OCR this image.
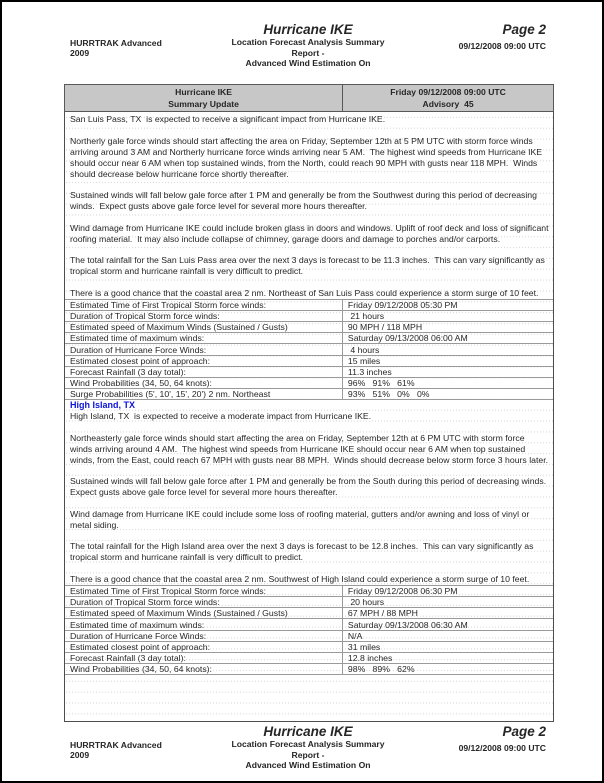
HURRTRAK Advanced
2009
Hurricane IKE
Location Forecast Analysis Summary Report -
Advanced Wind Estimation On
Page 2
09/12/2008 09:00 UTC
Hurricane IKE
Summary Update
Friday 09/12/2008 09:00 UTC
Advisory  45

San Luis Pass, TX  is expected to receive a significant impact from Hurricane IKE.

Northerly gale force winds should start affecting the area on Friday, September 12th at 5 PM UTC with storm force winds arriving around 3 AM and Northerly hurricane force winds arriving near 5 AM.  The highest wind speeds from Hurricane IKE should occur near 6 AM when top sustained winds, from the North, could reach 90 MPH with gusts near 118 MPH.  Winds should decrease below hurricane force shortly thereafter.

Sustained winds will fall below gale force after 1 PM and generally be from the Southwest during this period of decreasing winds.  Expect gusts above gale force level for several more hours thereafter.

Wind damage from Hurricane IKE could include broken glass in doors and windows. Uplift of roof deck and loss of significant roofing material.  It may also include collapse of chimney, garage doors and damage to porches and/or carports.

The total rainfall for the San Luis Pass area over the next 3 days is forecast to be 11.3 inches.  This can vary significantly as tropical storm and hurricane rainfall is very difficult to predict.

There is a good chance that the coastal area 2 nm. Northeast of San Luis Pass could experience a storm surge of 10 feet.

Estimated Time of First Tropical Storm force winds:	Friday 09/12/2008 05:30 PM
Duration of Tropical Storm force winds:	21 hours
Estimated speed of Maximum Winds (Sustained / Gusts)	90 MPH / 118 MPH
Estimated time of maximum winds:	Saturday 09/13/2008 06:00 AM
Duration of Hurricane Force Winds:	4 hours
Estimated closest point of approach:	15 miles
Forecast Rainfall (3 day total):	11.3 inches
Wind Probabilities (34, 50, 64 knots):	96%   91%   61%
Surge Probabilities (5', 10', 15', 20') 2 nm. Northeast	93%   51%   0%   0%
High Island, TX

High Island, TX  is expected to receive a moderate impact from Hurricane IKE.

Northeasterly gale force winds should start affecting the area on Friday, September 12th at 6 PM UTC with storm force winds arriving around 4 AM.  The highest wind speeds from Hurricane IKE should occur near 6 AM when top sustained winds, from the East, could reach 67 MPH with gusts near 88 MPH.  Winds should decrease below storm force 3 hours later.

Sustained winds will fall below gale force after 1 PM and generally be from the South during this period of decreasing winds.  Expect gusts above gale force level for several more hours thereafter.

Wind damage from Hurricane IKE could include some loss of roofing material, gutters and/or awning and loss of vinyl or metal siding.

The total rainfall for the High Island area over the next 3 days is forecast to be 12.8 inches.  This can vary significantly as tropical storm and hurricane rainfall is very difficult to predict.

There is a good chance that the coastal area 2 nm. Southwest of High Island could experience a storm surge of 10 feet.

Estimated Time of First Tropical Storm force winds:	Friday 09/12/2008 06:30 PM
Duration of Tropical Storm force winds:	20 hours
Estimated speed of Maximum Winds (Sustained / Gusts)	67 MPH / 88 MPH
Estimated time of maximum winds:	Saturday 09/13/2008 06:30 AM
Duration of Hurricane Force Winds:	N/A
Estimated closest point of approach:	31 miles
Forecast Rainfall (3 day total):	12.8 inches
Wind Probabilities (34, 50, 64 knots):	98%   89%   62%
HURRTRAK Advanced
2009
Hurricane IKE
Location Forecast Analysis Summary Report -
Advanced Wind Estimation On
Page 2
09/12/2008 09:00 UTC
